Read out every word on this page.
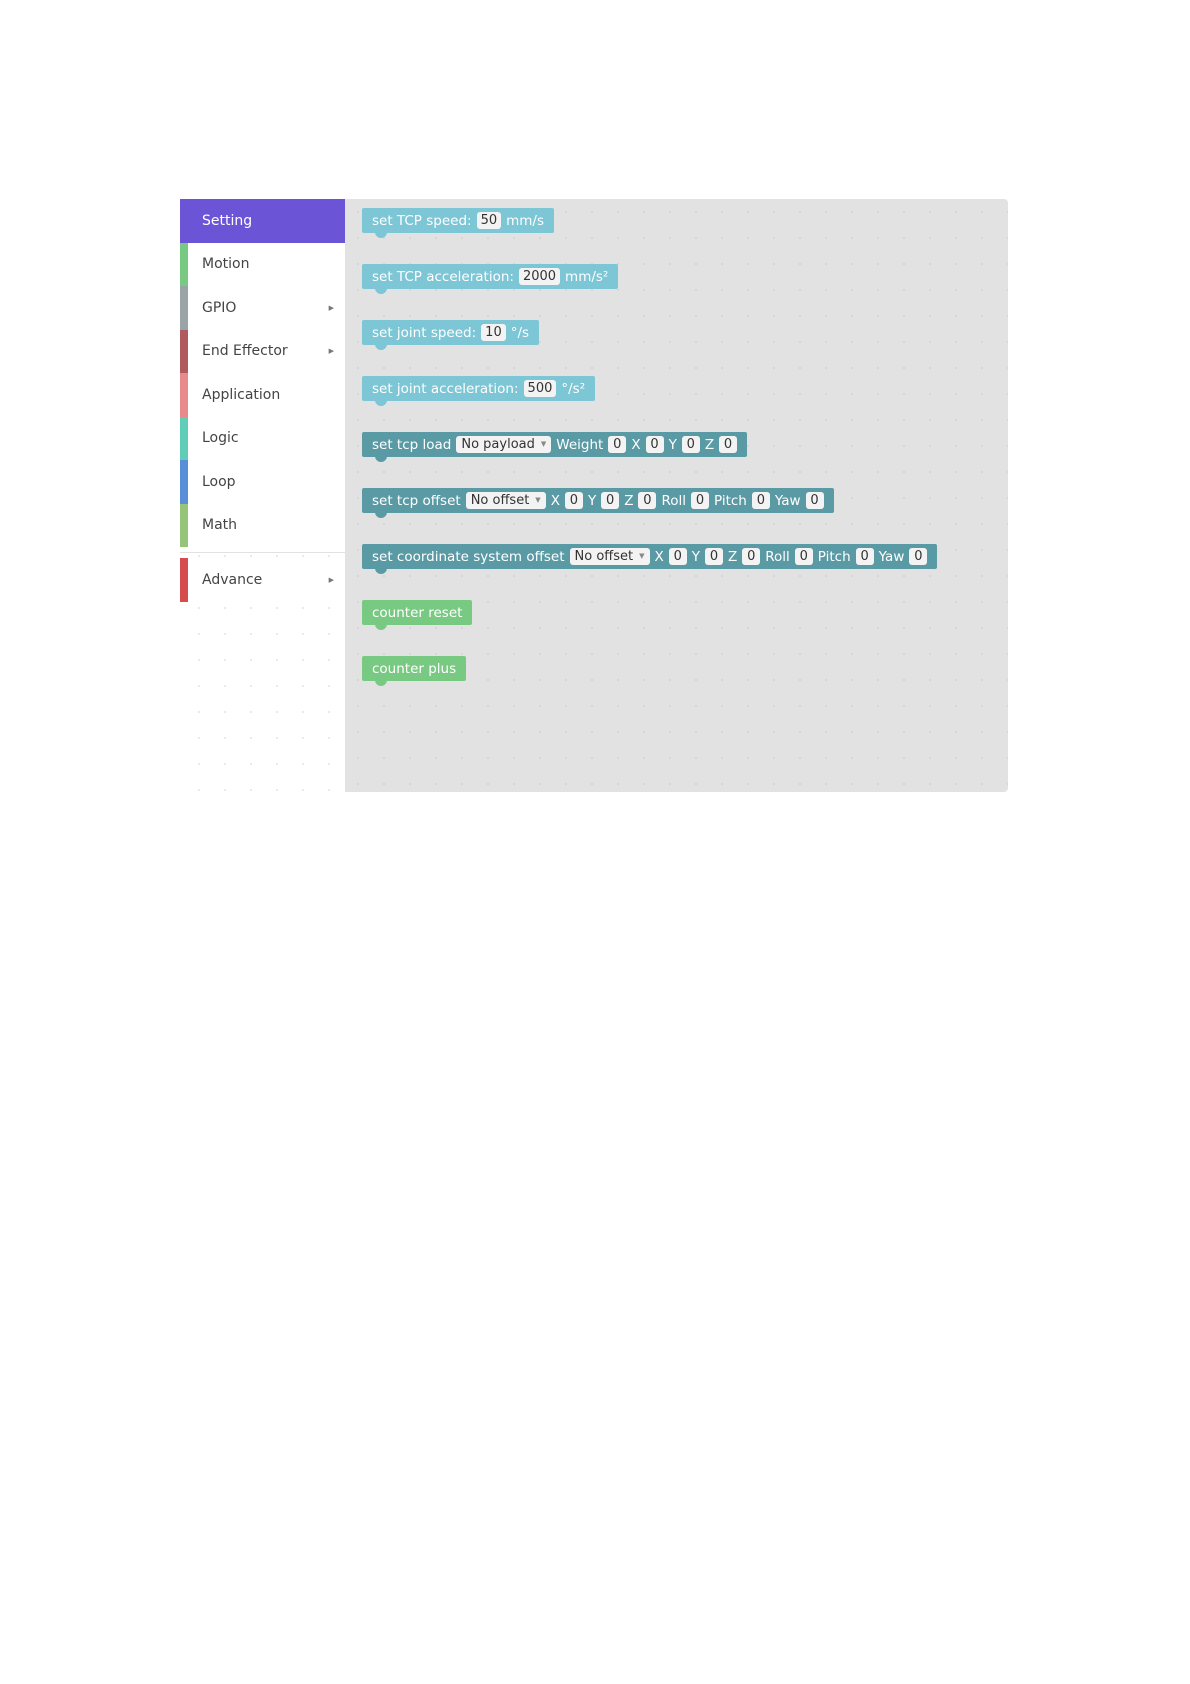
Setting
Motion
GPIO	▶
End Effector	▶
Application
Logic
Loop
Math
Advance	▶
set TCP speed: 50 mm/s
set TCP acceleration: 2000 mm/s²
set joint speed: 10 °/s
set joint acceleration: 500 °/s²
set tcp load No payload ▼ Weight 0 X 0 Y 0 Z 0
set tcp offset No offset ▼ X 0 Y 0 Z 0 Roll 0 Pitch 0 Yaw 0
set coordinate system offset No offset ▼ X 0 Y 0 Z 0 Roll 0 Pitch 0 Yaw 0
counter reset
counter plus
